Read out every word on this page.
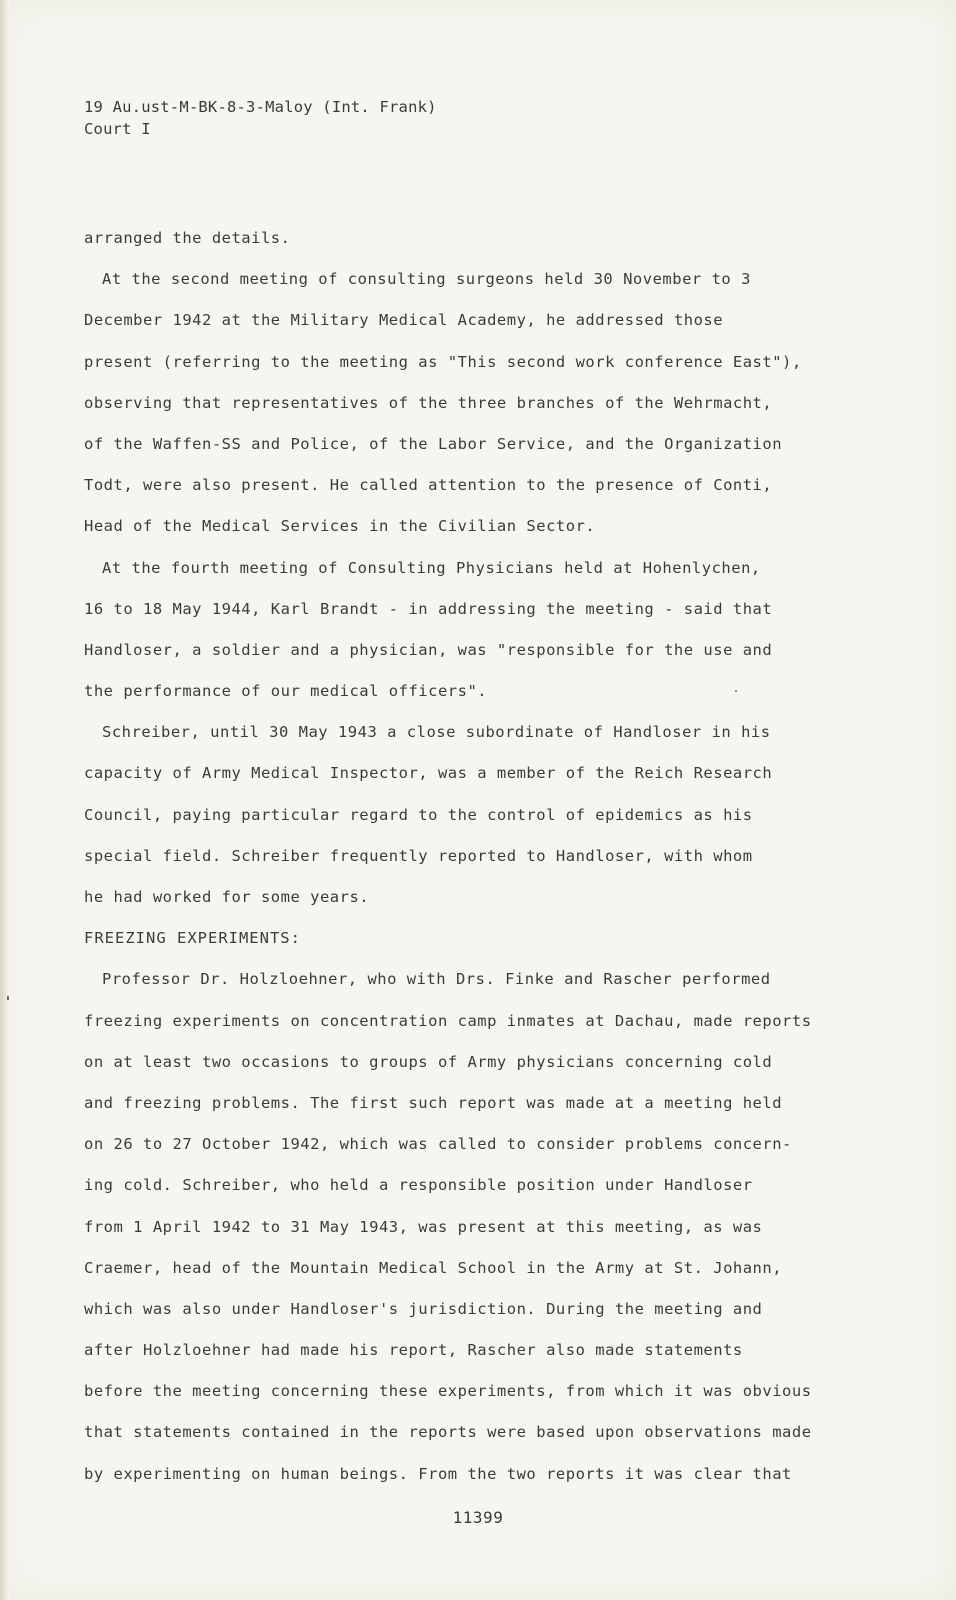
19 Au.ust-M-BK-8-3-Maloy (Int. Frank)
Court I
arranged the details.
At the second meeting of consulting surgeons held 30 November to 3
December 1942 at the Military Medical Academy, he addressed those
present (referring to the meeting as "This second work conference East"),
observing that representatives of the three branches of the Wehrmacht,
of the Waffen-SS and Police, of the Labor Service, and the Organization
Todt, were also present. He called attention to the presence of Conti,
Head of the Medical Services in the Civilian Sector.
At the fourth meeting of Consulting Physicians held at Hohenlychen,
16 to 18 May 1944, Karl Brandt - in addressing the meeting - said that
Handloser, a soldier and a physician, was "responsible for the use and
the performance of our medical officers".
Schreiber, until 30 May 1943 a close subordinate of Handloser in his
capacity of Army Medical Inspector, was a member of the Reich Research
Council, paying particular regard to the control of epidemics as his
special field. Schreiber frequently reported to Handloser, with whom
he had worked for some years.
FREEZING EXPERIMENTS:
Professor Dr. Holzloehner, who with Drs. Finke and Rascher performed
freezing experiments on concentration camp inmates at Dachau, made reports
on at least two occasions to groups of Army physicians concerning cold
and freezing problems. The first such report was made at a meeting held
on 26 to 27 October 1942, which was called to consider problems concern-
ing cold. Schreiber, who held a responsible position under Handloser
from 1 April 1942 to 31 May 1943, was present at this meeting, as was
Craemer, head of the Mountain Medical School in the Army at St. Johann,
which was also under Handloser's jurisdiction. During the meeting and
after Holzloehner had made his report, Rascher also made statements
before the meeting concerning these experiments, from which it was obvious
that statements contained in the reports were based upon observations made
by experimenting on human beings. From the two reports it was clear that
11399
